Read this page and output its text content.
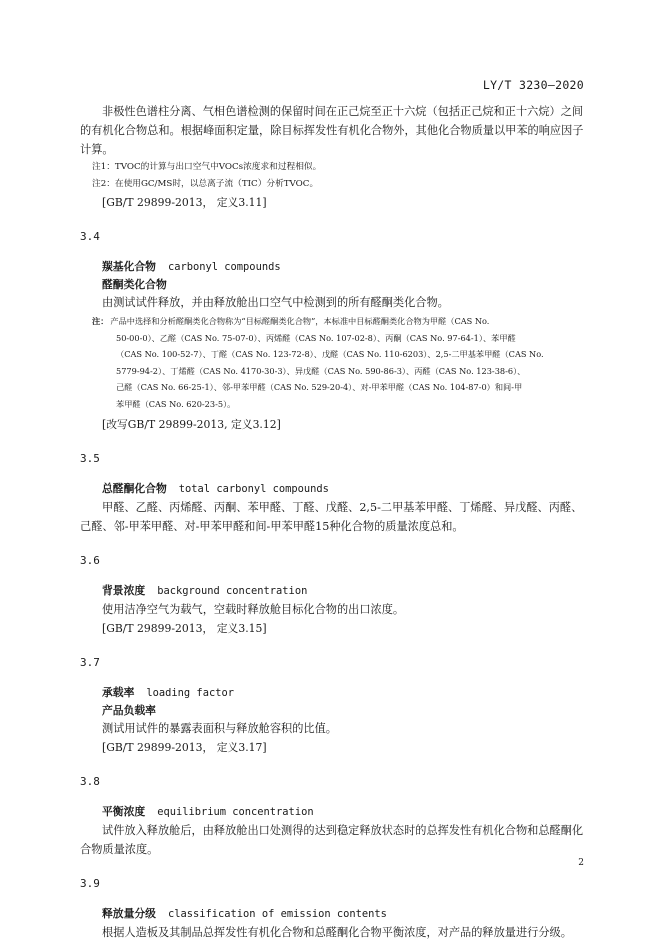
LY/T 3230—2020

非极性色谱柱分离、气相色谱检测的保留时间在正己烷至正十六烷（包括正己烷和正十六烷）之间的有机化合物总和。根据峰面积定量，除目标挥发性有机化合物外，其他化合物质量以甲苯的响应因子计算。

注1：TVOC的计算与出口空气中VOCs浓度求和过程相似。

注2：在使用GC/MS时，以总离子流（TIC）分析TVOC。

[GB/T 29899-2013， 定义3.11]

3.4
羰基化合物 carbonyl compounds
醛酮类化合物

由测试试件释放，并由释放舱出口空气中检测到的所有醛酮类化合物。

注： 产品中选择和分析醛酮类化合物称为“目标醛酮类化合物”，本标准中目标醛酮类化合物为甲醛（CAS No.
50-00-0）、乙醛（CAS No. 75-07-0）、丙烯醛（CAS No. 107-02-8）、丙酮（CAS No. 97-64-1）、苯甲醛
（CAS No. 100-52-7）、丁醛（CAS No. 123-72-8）、戊醛（CAS No. 110-6203）、2,5-二甲基苯甲醛（CAS No.
5779-94-2）、丁烯醛（CAS No. 4170-30-3）、异戊醛（CAS No. 590-86-3）、丙醛（CAS No. 123-38-6）、
己醛（CAS No. 66-25-1）、邻-甲苯甲醛（CAS No. 529-20-4）、对-甲苯甲醛（CAS No. 104-87-0）和间-甲
苯甲醛（CAS No. 620-23-5）。

[改写GB/T 29899-2013, 定义3.12]

3.5
总醛酮化合物 total carbonyl compounds

甲醛、乙醛、丙烯醛、丙酮、苯甲醛、丁醛、戊醛、2,5-二甲基苯甲醛、丁烯醛、异戊醛、丙醛、己醛、邻-甲苯甲醛、对-甲苯甲醛和间-甲苯甲醛15种化合物的质量浓度总和。

3.6
背景浓度 background concentration

使用洁净空气为载气，空载时释放舱目标化合物的出口浓度。

[GB/T 29899-2013， 定义3.15]

3.7
承载率 loading factor
产品负载率

测试用试件的暴露表面积与释放舱容积的比值。

[GB/T 29899-2013， 定义3.17]

3.8
平衡浓度 equilibrium concentration

试件放入释放舱后，由释放舱出口处测得的达到稳定释放状态时的总挥发性有机化合物和总醛酮化合物质量浓度。

3.9
释放量分级 classification of emission contents

根据人造板及其制品总挥发性有机化合物和总醛酮化合物平衡浓度，对产品的释放量进行分级。

2
